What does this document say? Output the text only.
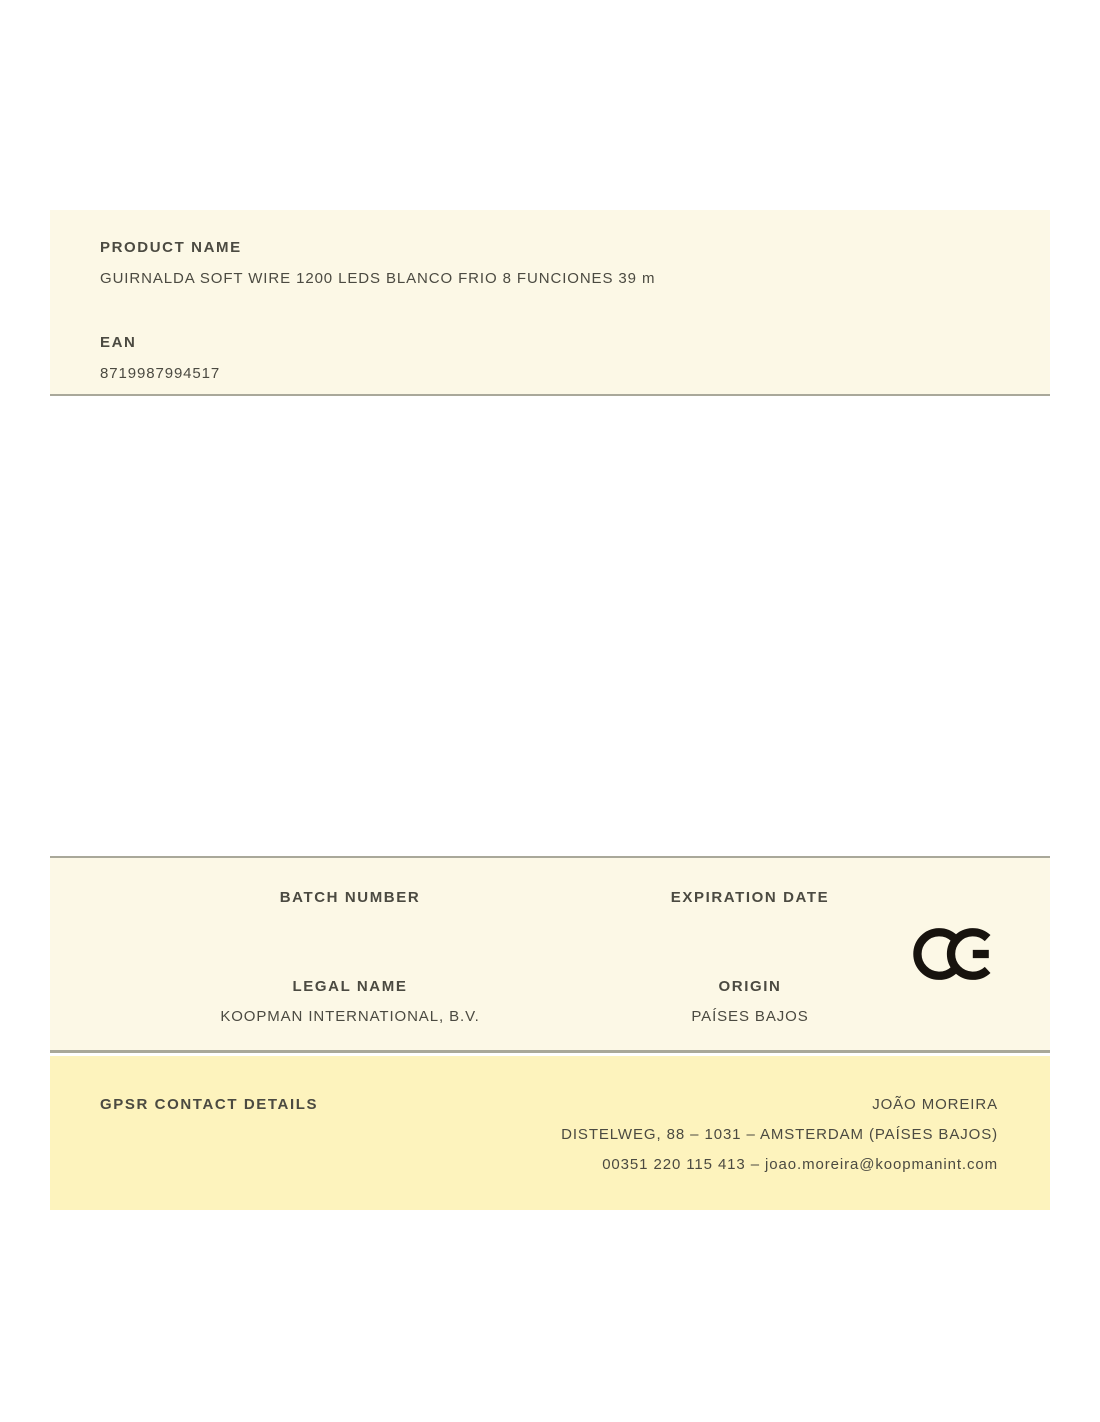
PRODUCT NAME
GUIRNALDA SOFT WIRE 1200 LEDS BLANCO FRIO 8 FUNCIONES 39 m
EAN
8719987994517
BATCH NUMBER	EXPIRATION DATE
LEGAL NAME
KOOPMAN INTERNATIONAL, B.V.
ORIGIN
PAÍSES BAJOS
GPSR CONTACT DETAILS	JOÃO MOREIRA
DISTELWEG, 88 – 1031 – AMSTERDAM (PAÍSES BAJOS)
00351 220 115 413 – joao.moreira@koopmanint.com
